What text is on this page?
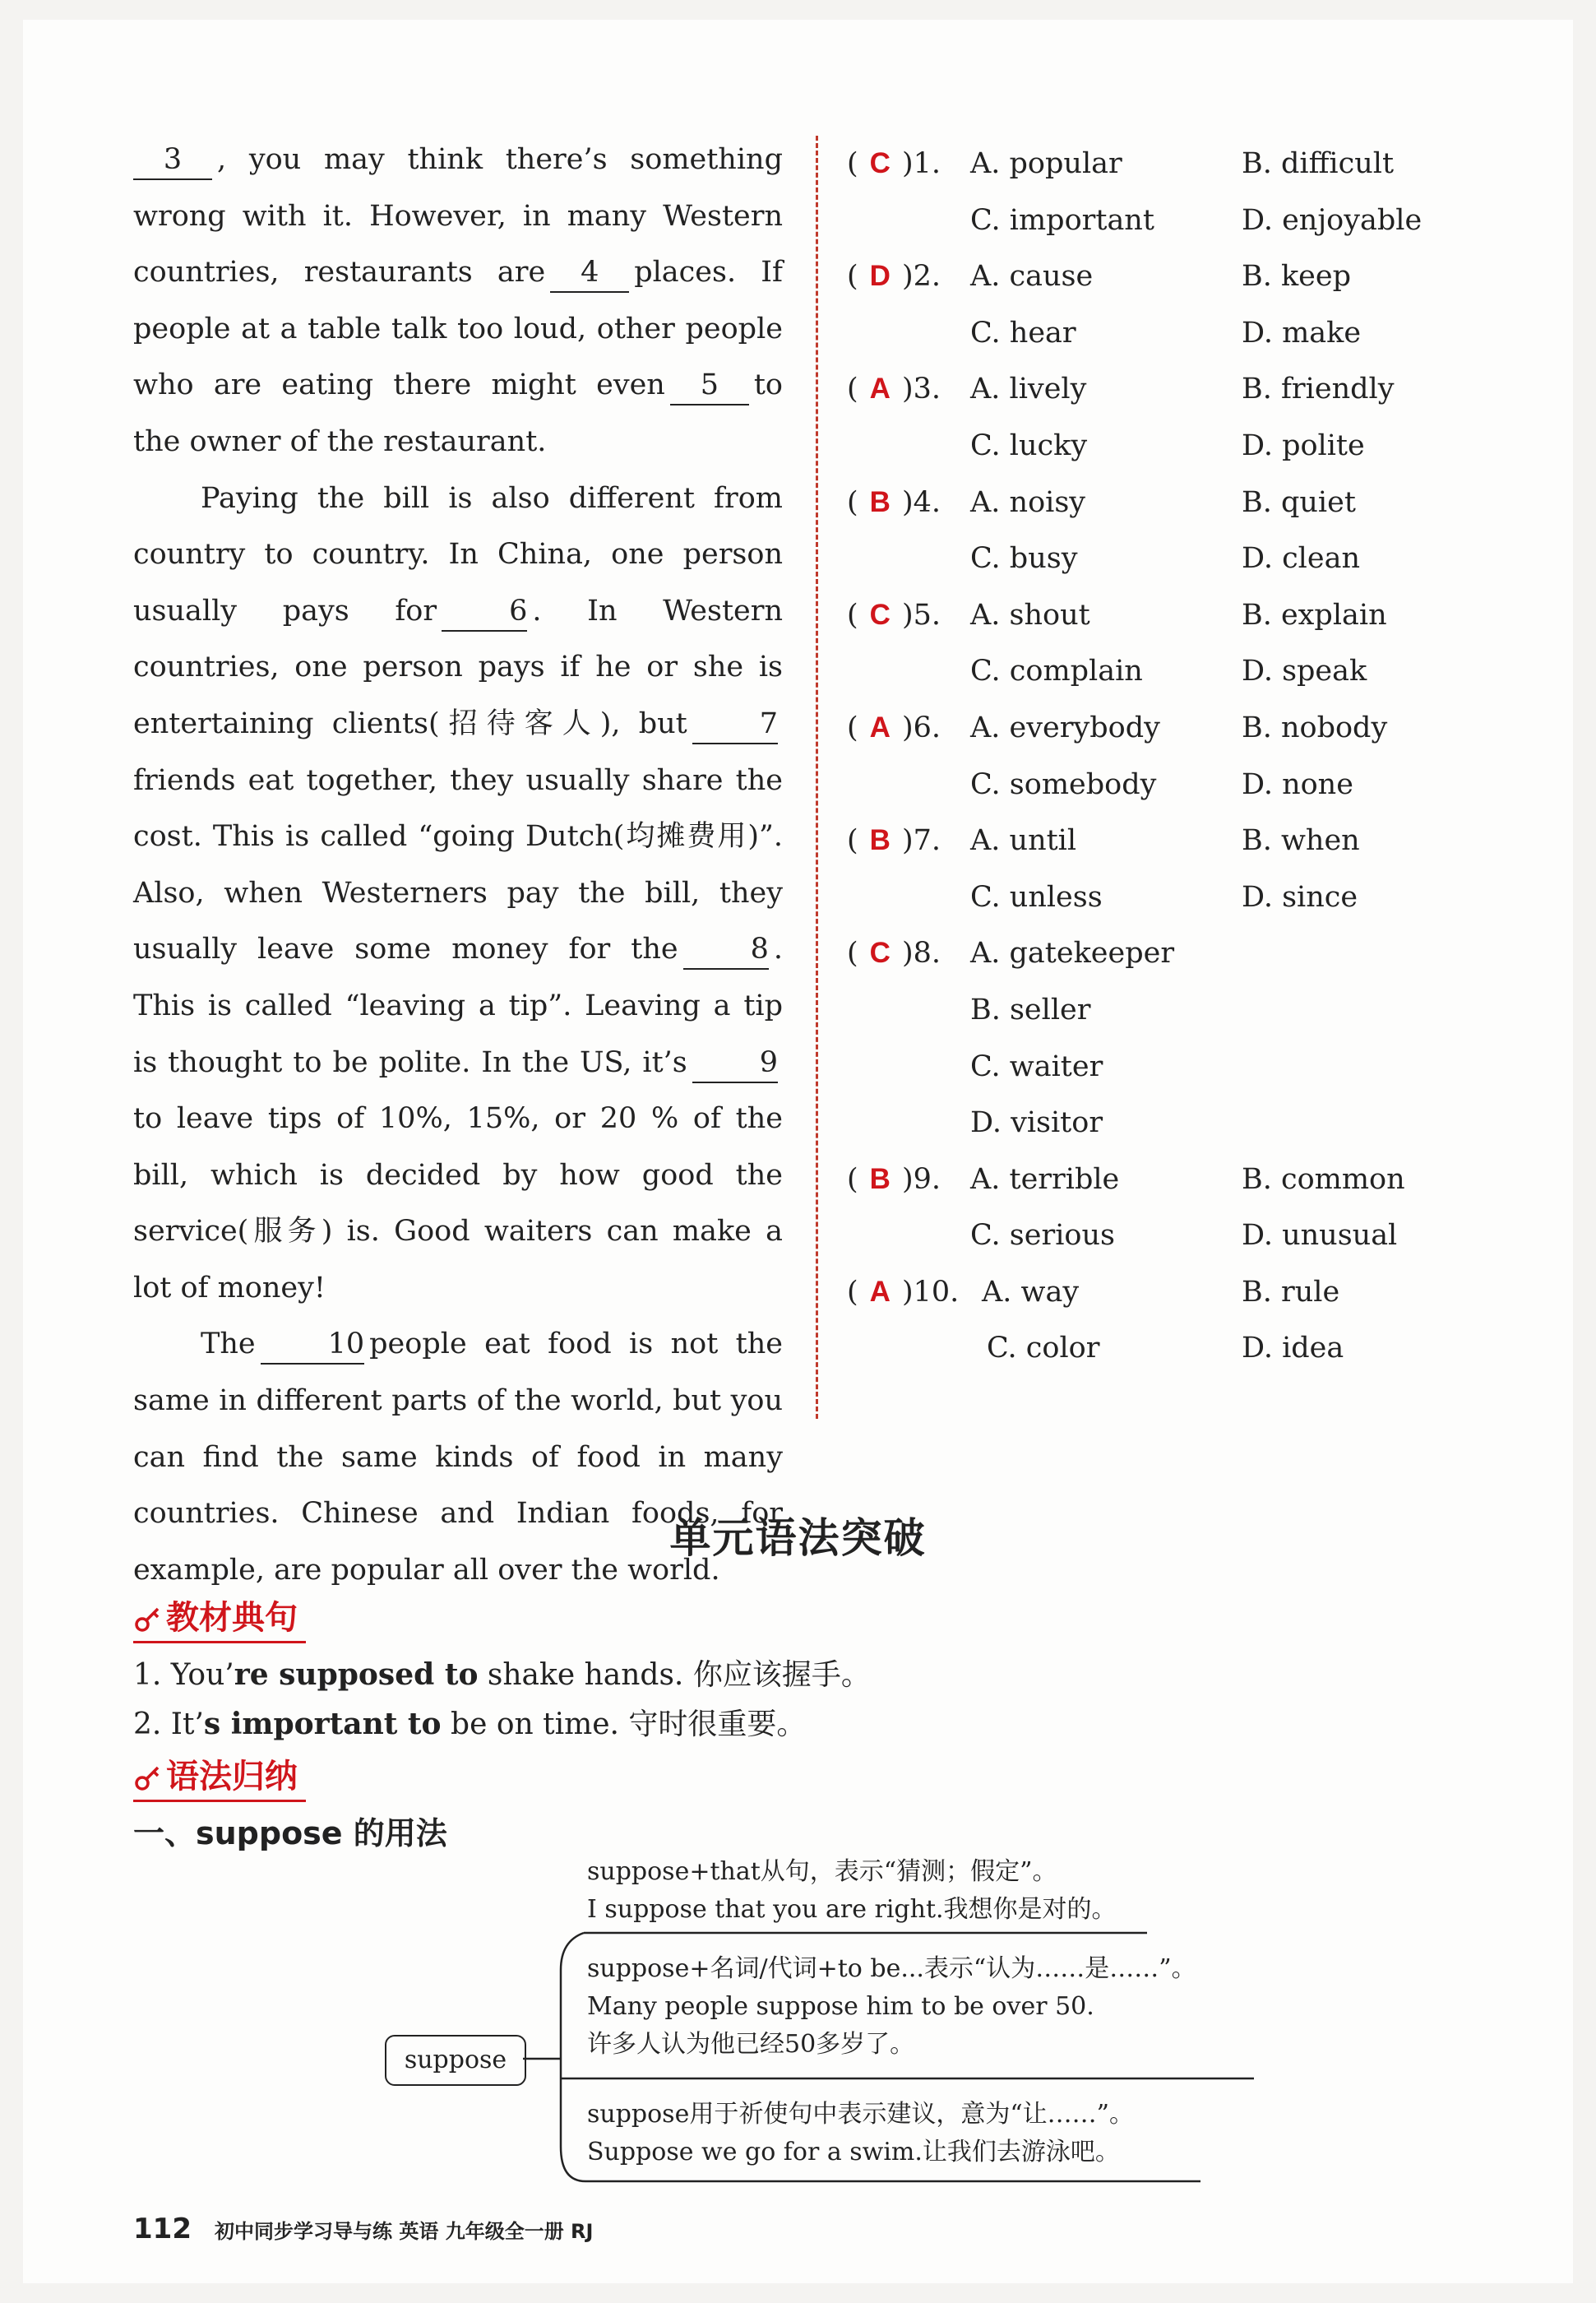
3 , you may think there’s something wrong with it. However, in many Western countries, restaurants are 4 places. If people at a table talk too loud, other people who are eating there might even 5 to the owner of the restaurant.

Paying the bill is also different from country to country. In China, one person usually pays for	6 . In Western countries, one person pays if he or she is entertaining clients(招待客人), but	7friends eat together, they usually share the cost. This is called “going Dutch(均摊费用)”. Also, when Westerners pay the bill, they usually leave some money for the	8 . This is called “leaving a tip”. Leaving a tip is thought to be polite. In the US, it’s	9to leave tips of 10%, 15%, or 20 % of the bill, which is decided by how good the service(服务) is. Good waiters can make a lot of money!

The	10 people eat food is not the same in different parts of the world, but you can find the same kinds of food in many countries. Chinese and Indian foods, for example, are popular all over the world.

( C )1. A. popular	B. difficult
C. important	D. enjoyable
( D )2. A. cause	B. keep
C. hear	D. make
( A )3. A. lively	B. friendly
C. lucky	D. polite
( B )4. A. noisy	B. quiet
C. busy	D. clean
( C )5. A. shout	B. explain
C. complain	D. speak
( A )6. A. everybody	B. nobody
C. somebody	D. none
( B )7. A. until	B. when
C. unless	D. since
( C )8. A. gatekeeper
B. seller
C. waiter
D. visitor
( B )9. A. terrible	B. common
C. serious	D. unusual
( A )10. A. way	B. rule
C. color	D. idea
单元语法突破
教材典句
1. You’re supposed to shake hands. 你应该握手。
2. It’s important to be on time. 守时很重要。
语法归纳
一、suppose 的用法
suppose
suppose+that从句，表示“猜测；假定”。
I suppose that you are right.我想你是对的。
suppose+名词/代词+to be...表示“认为……是……”。
Many people suppose him to be over 50.
许多人认为他已经50多岁了。
suppose用于祈使句中表示建议，意为“让……”。
Suppose we go for a swim.让我们去游泳吧。
112 初中同步学习导与练 英语 九年级全一册 RJ
